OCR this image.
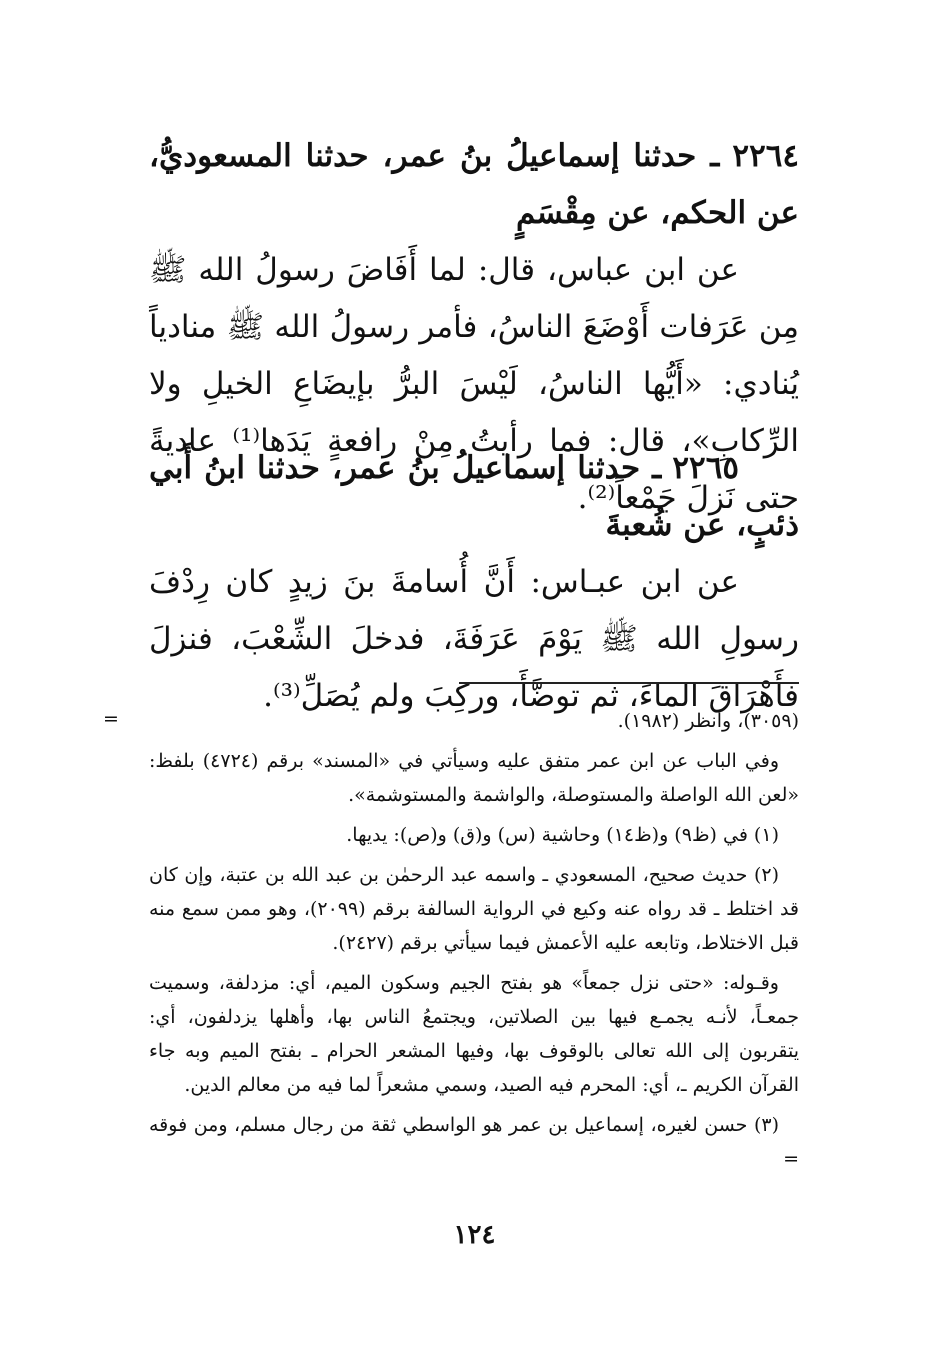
٢٢٦٤ ـ حدثنا إسماعيلُ بنُ عمر، حدثنا المسعوديُّ، عن الحكم، عن مِقْسَمٍ

عن ابن عباس، قال: لما أَفَاضَ رسولُ الله ﷺ مِن عَرَفات أَوْضَعَ الناسُ، فأمر رسولُ الله ﷺ منادياً يُنادي: «أَيُّها الناسُ، لَيْسَ البرُّ بإيضَاعِ الخيلِ ولا الرِّكابِ»، قال: فما رأيتُ مِنْ رافعةٍ يَدَها⁽¹⁾ عاديةً حتى نَزلَ جَمْعاً⁽²⁾.

٢٢٦٥ ـ حدثنا إسماعيلُ بنُ عمر، حدثنا ابنُ أَبي ذئبٍ، عن شُعبةَ

عن ابن عبـاس: أَنَّ أُسامةَ بنَ زيدٍ كان رِدْفَ رسولِ الله ﷺ يَوْمَ عَرَفَةَ، فدخلَ الشِّعْبَ، فنزلَ فأَهْرَاقَ الماءَ، ثم توضَّأَ، وركِبَ ولم يُصَلِّ⁽³⁾.

=	(٣٠٥٩)، وانظر (١٩٨٢).

وفي الباب عن ابن عمر متفق عليه وسيأتي في «المسند» برقم (٤٧٢٤) بلفظ: «لعن الله الواصلة والمستوصلة، والواشمة والمستوشمة».

(١) في (ظ٩) و(ظ١٤) وحاشية (س) و(ق) و(ص): يديها.

(٢) حديث صحيح، المسعودي ـ واسمه عبد الرحمٰن بن عبد الله بن عتبة، وإن كان قد اختلط ـ قد رواه عنه وكيع في الرواية السالفة برقم (٢٠٩٩)، وهو ممن سمع منه قبل الاختلاط، وتابعه عليه الأعمش فيما سيأتي برقم (٢٤٢٧).

وقـوله: «حتى نزل جمعاً» هو بفتح الجيم وسكون الميم، أي: مزدلفة، وسميت جمعـاً، لأنـه يجمـع فيها بين الصلاتين، ويجتمعُ الناس بها، وأهلها يزدلفون، أي: يتقربون إلى الله تعالى بالوقوف بها، وفيها المشعر الحرام ـ بفتح الميم وبه جاء القرآن الكريم ـ، أي: المحرم فيه الصيد، وسمي مشعراً لما فيه من معالم الدين.

(٣) حسن لغيره، إسماعيل بن عمر هو الواسطي ثقة من رجال مسلم، ومن فوقه =

١٢٤
